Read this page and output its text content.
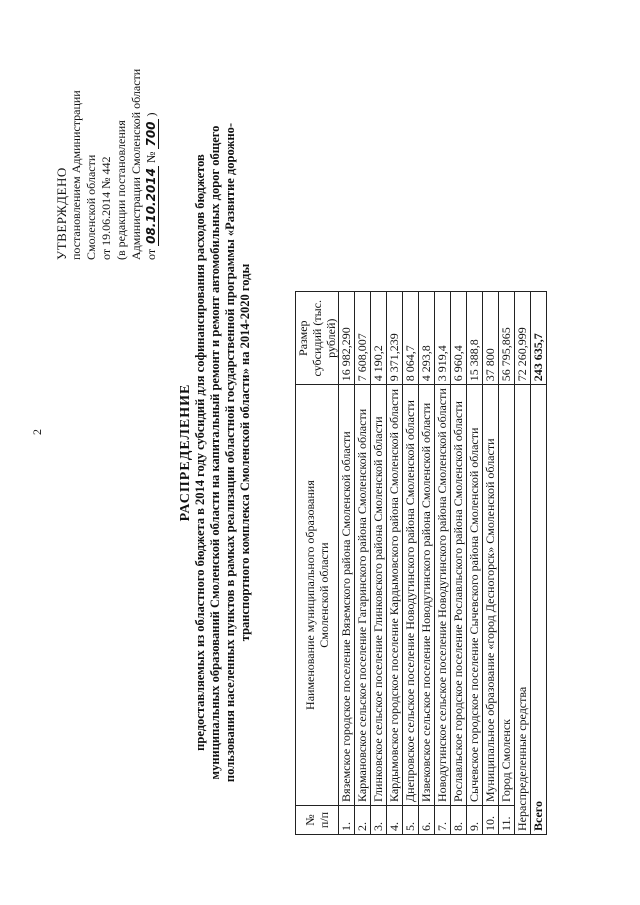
2
УТВЕРЖДЕНО постановлением Администрации Смоленской области от 19.06.2014 № 442 (в редакции постановления Администрации Смоленской области от 08.10.2014 № 700 )
РАСПРЕДЕЛЕНИЕ предоставляемых из областного бюджета в 2014 году субсидий для софинансирования расходов бюджетов муниципальных образований Смоленской области на капитальный ремонт и ремонт автомобильных дорог общего пользования населенных пунктов в рамках реализации областной государственной программы «Развитие дорожно- транспортного комплекса Смоленской области» на 2014-2020 годы
№ п/п	Наименование муниципального образования Смоленской области	Размер субсидий (тыс. рублей)

1.	Вяземское городское поселение Вяземского района Смоленской области	16 982,290
2.	Кармановское сельское поселение Гагаринского района Смоленской области	7 608,007
3.	Глинковское сельское поселение Глинковского района Смоленской области	4 190,2
4.	Кардымовское городское поселение Кардымовского района Смоленской области	9 371,239
5.	Днепровское сельское поселение Новодугинского района Смоленской области	8 064,7
6.	Извековское сельское поселение Новодугинского района Смоленской области	4 293,8
7.	Новодугинское сельское поселение Новодугинского района Смоленской области	3 919,4
8.	Рославльское городское поселение Рославльского района Смоленской области	6 960,4
9.	Сычевское городское поселение Сычевского района Смоленской области	15 388,8
10.	Муниципальное образование «город Десногорск» Смоленской области	37 800
11.	Город Смоленск	56 795,865
Нераспределенные средства		72 260,999
Всего		243 635,7
